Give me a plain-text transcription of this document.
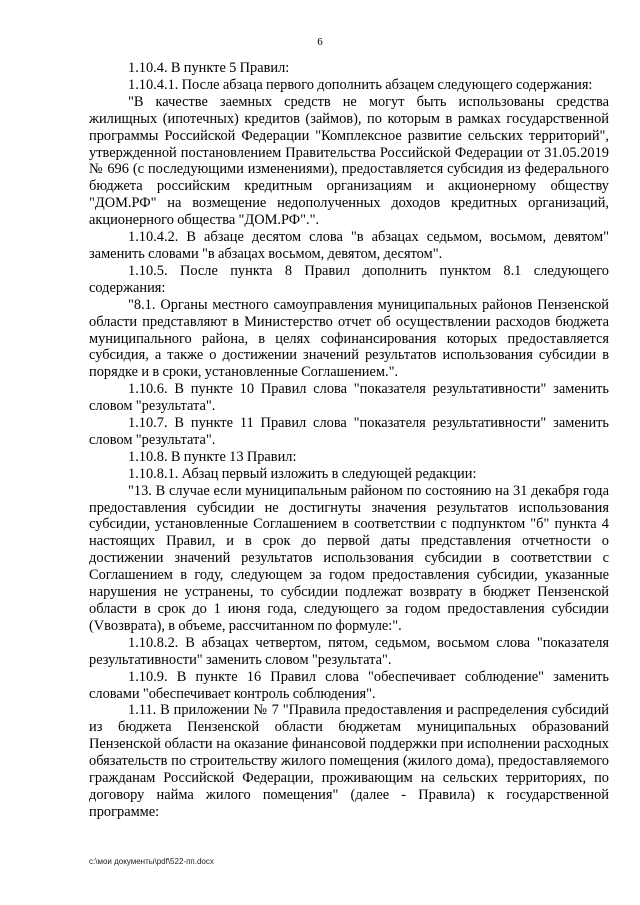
6

1.10.4. В пункте 5 Правил:

1.10.4.1. После абзаца первого дополнить абзацем следующего содержания:

"В качестве заемных средств не могут быть использованы средства жилищных (ипотечных) кредитов (займов), по которым в рамках государственной программы Российской Федерации "Комплексное развитие сельских территорий", утвержденной постановлением Правительства Российской Федерации от 31.05.2019 № 696 (с последующими изменениями), предоставляется субсидия из федерального бюджета российским кредитным организациям и акционерному обществу "ДОМ.РФ" на возмещение недополученных доходов кредитных организаций, акционерного общества "ДОМ.РФ".".

1.10.4.2. В абзаце десятом слова "в абзацах седьмом, восьмом, девятом" заменить словами "в абзацах восьмом, девятом, десятом".

1.10.5. После пункта 8 Правил дополнить пунктом 8.1 следующего содержания:

"8.1. Органы местного самоуправления муниципальных районов Пензенской области представляют в Министерство отчет об осуществлении расходов бюджета муниципального района, в целях софинансирования которых предоставляется субсидия, а также о достижении значений результатов использования субсидии в порядке и в сроки, установленные Соглашением.".

1.10.6. В пункте 10 Правил слова "показателя результативности" заменить словом "результата".

1.10.7. В пункте 11 Правил слова "показателя результативности" заменить словом "результата".

1.10.8. В пункте 13 Правил:

1.10.8.1. Абзац первый изложить в следующей редакции:

"13. В случае если муниципальным районом по состоянию на 31 декабря года предоставления субсидии не достигнуты значения результатов использования субсидии, установленные Соглашением в соответствии с подпунктом "б" пункта 4 настоящих Правил, и в срок до первой даты представления отчетности о достижении значений результатов использования субсидии в соответствии с Соглашением в году, следующем за годом предоставления субсидии, указанные нарушения не устранены, то субсидии подлежат возврату в бюджет Пензенской области в срок до 1 июня года, следующего за годом предоставления субсидии (Vвозврата), в объеме, рассчитанном по формуле:".

1.10.8.2. В абзацах четвертом, пятом, седьмом, восьмом слова "показателя результативности" заменить словом "результата".

1.10.9. В пункте 16 Правил слова "обеспечивает соблюдение" заменить словами "обеспечивает контроль соблюдения".

1.11. В приложении № 7 "Правила предоставления и распределения субсидий из бюджета Пензенской области бюджетам муниципальных образований Пензенской области на оказание финансовой поддержки при исполнении расходных обязательств по строительству жилого помещения (жилого дома), предоставляемого гражданам Российской Федерации, проживающим на сельских территориях, по договору найма жилого помещения" (далее - Правила) к государственной программе:

c:\мои документы\pdf\522-пп.docx
